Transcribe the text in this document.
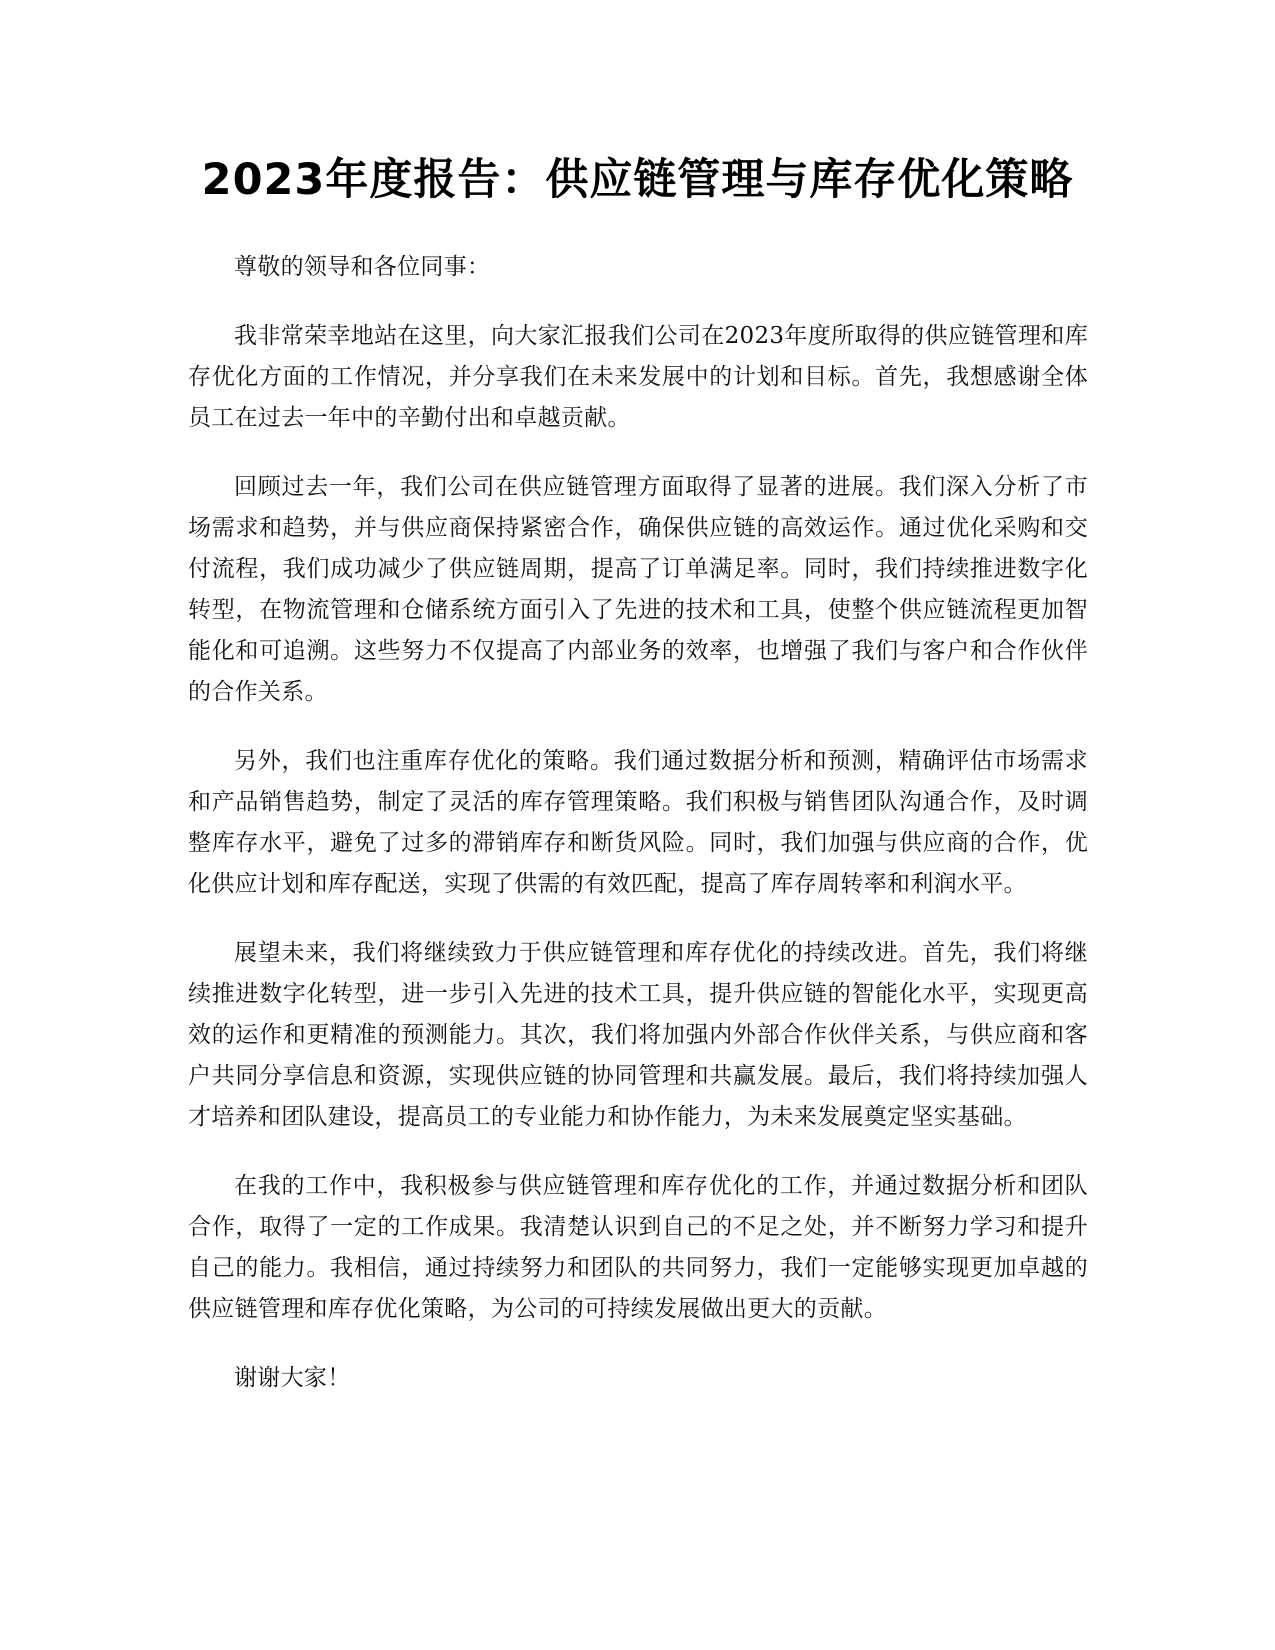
2023年度报告：供应链管理与库存优化策略

尊敬的领导和各位同事：

我非常荣幸地站在这里，向大家汇报我们公司在2023年度所取得的供应链管理和库存优化方面的工作情况，并分享我们在未来发展中的计划和目标。首先，我想感谢全体员工在过去一年中的辛勤付出和卓越贡献。

回顾过去一年，我们公司在供应链管理方面取得了显著的进展。我们深入分析了市场需求和趋势，并与供应商保持紧密合作，确保供应链的高效运作。通过优化采购和交付流程，我们成功减少了供应链周期，提高了订单满足率。同时，我们持续推进数字化转型，在物流管理和仓储系统方面引入了先进的技术和工具，使整个供应链流程更加智能化和可追溯。这些努力不仅提高了内部业务的效率，也增强了我们与客户和合作伙伴的合作关系。

另外，我们也注重库存优化的策略。我们通过数据分析和预测，精确评估市场需求和产品销售趋势，制定了灵活的库存管理策略。我们积极与销售团队沟通合作，及时调整库存水平，避免了过多的滞销库存和断货风险。同时，我们加强与供应商的合作，优化供应计划和库存配送，实现了供需的有效匹配，提高了库存周转率和利润水平。

展望未来，我们将继续致力于供应链管理和库存优化的持续改进。首先，我们将继续推进数字化转型，进一步引入先进的技术工具，提升供应链的智能化水平，实现更高效的运作和更精准的预测能力。其次，我们将加强内外部合作伙伴关系，与供应商和客户共同分享信息和资源，实现供应链的协同管理和共赢发展。最后，我们将持续加强人才培养和团队建设，提高员工的专业能力和协作能力，为未来发展奠定坚实基础。

在我的工作中，我积极参与供应链管理和库存优化的工作，并通过数据分析和团队合作，取得了一定的工作成果。我清楚认识到自己的不足之处，并不断努力学习和提升自己的能力。我相信，通过持续努力和团队的共同努力，我们一定能够实现更加卓越的供应链管理和库存优化策略，为公司的可持续发展做出更大的贡献。

谢谢大家！
